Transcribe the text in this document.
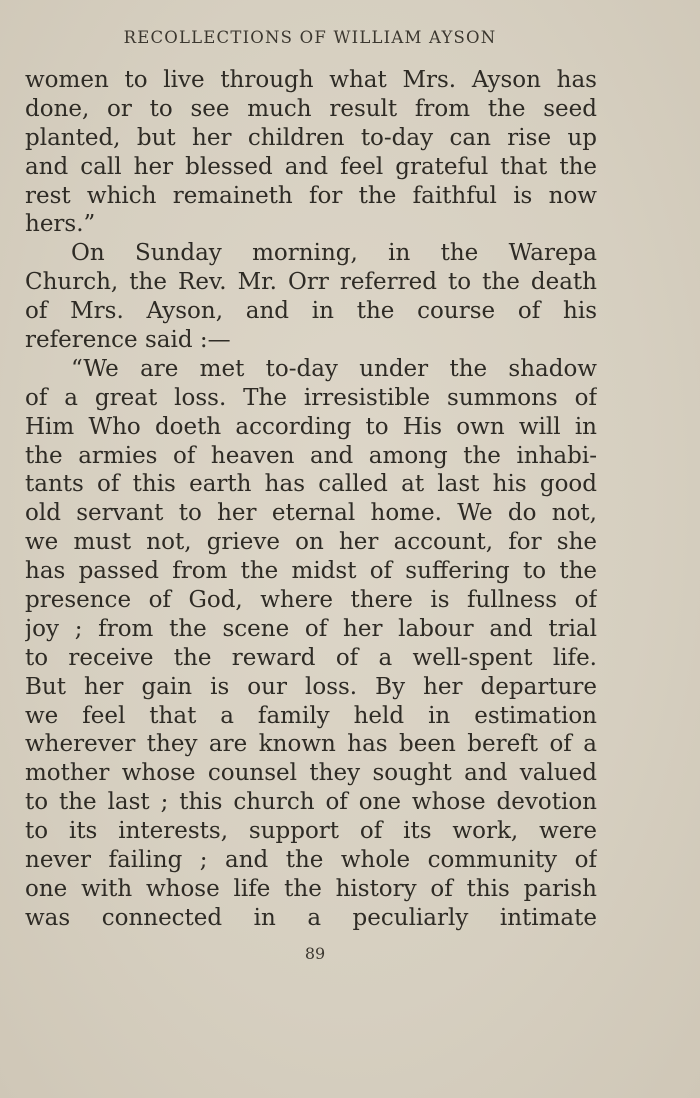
RECOLLECTIONS OF WILLIAM AYSON
women to live through what Mrs. Ayson has
done, or to see much result from the seed
planted, but her children to-day can rise up
and call her blessed and feel grateful that the
rest which remaineth for the faithful is now
hers.”
On Sunday morning, in the Warepa
Church, the Rev. Mr. Orr referred to the death
of Mrs. Ayson, and in the course of his
reference said :—
“We are met to-day under the shadow
of a great loss. The irresistible summons of
Him Who doeth according to His own will in
the armies of heaven and among the inhabi-
tants of this earth has called at last his good
old servant to her eternal home. We do not,
we must not, grieve on her account, for she
has passed from the midst of suffering to the
presence of God, where there is fullness of
joy ; from the scene of her labour and trial
to receive the reward of a well-spent life.
But her gain is our loss. By her departure
we feel that a family held in estimation
wherever they are known has been bereft of a
mother whose counsel they sought and valued
to the last ; this church of one whose devotion
to its interests, support of its work, were
never failing ; and the whole community of
one with whose life the history of this parish
was connected in a peculiarly intimate
89
